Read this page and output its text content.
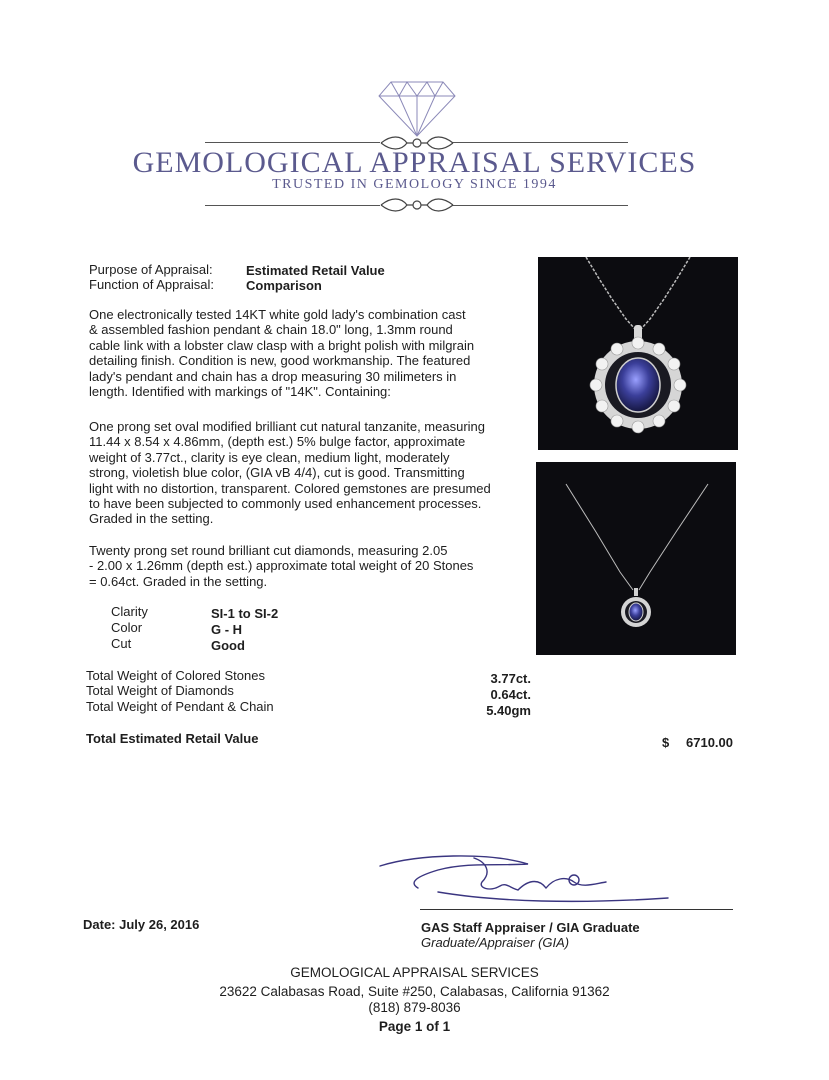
GEMOLOGICAL APPRAISAL SERVICES
TRUSTED IN GEMOLOGY SINCE 1994
Purpose of Appraisal:	Estimated Retail Value
Function of Appraisal: Comparison
One electronically tested 14KT white gold lady's combination cast
& assembled fashion pendant & chain 18.0" long, 1.3mm round
cable link with a lobster claw clasp with a bright polish with milgrain
detailing finish. Condition is new, good workmanship. The featured
lady's pendant and chain has a drop measuring 30 milimeters in
length. Identified with markings of "14K". Containing:
One prong set oval modified brilliant cut natural tanzanite, measuring
11.44 x 8.54 x 4.86mm, (depth est.) 5% bulge factor, approximate
weight of 3.77ct., clarity is eye clean, medium light, moderately
strong, violetish blue color, (GIA vB 4/4), cut is good. Transmitting
light with no distortion, transparent. Colored gemstones are presumed
to have been subjected to commonly used enhancement processes.
Graded in the setting.
Twenty prong set round brilliant cut diamonds, measuring 2.05
- 2.00 x 1.26mm (depth est.) approximate total weight of 20 Stones
= 0.64ct. Graded in the setting.
Clarity	SI-1 to SI-2
Color	G - H
Cut	Good
Total Weight of Colored Stones	3.77ct.
Total Weight of Diamonds	0.64ct.
Total Weight of Pendant & Chain	5.40gm
Total Estimated Retail Value	$ 6710.00
Date: July 26, 2016	GAS Staff Appraiser / GIA Graduate
Graduate/Appraiser (GIA)
GEMOLOGICAL APPRAISAL SERVICES
23622 Calabasas Road, Suite #250, Calabasas, California 91362
(818) 879-8036
Page 1 of 1
